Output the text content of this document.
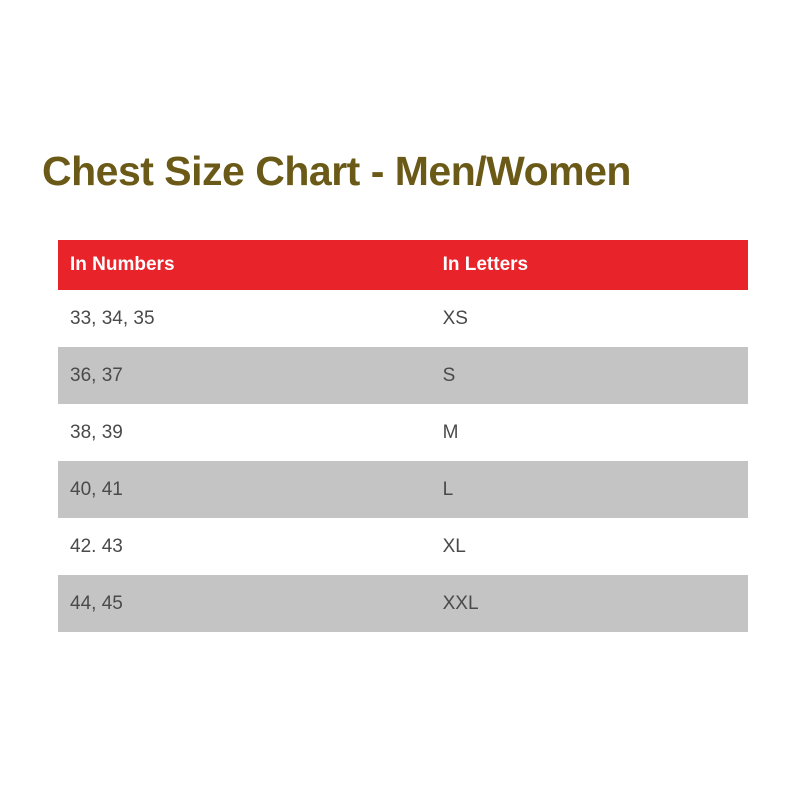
Chest Size Chart - Men/Women
In Numbers	In Letters
33, 34, 35	XS
36, 37	S
38, 39	M
40, 41	L
42. 43	XL
44, 45	XXL
